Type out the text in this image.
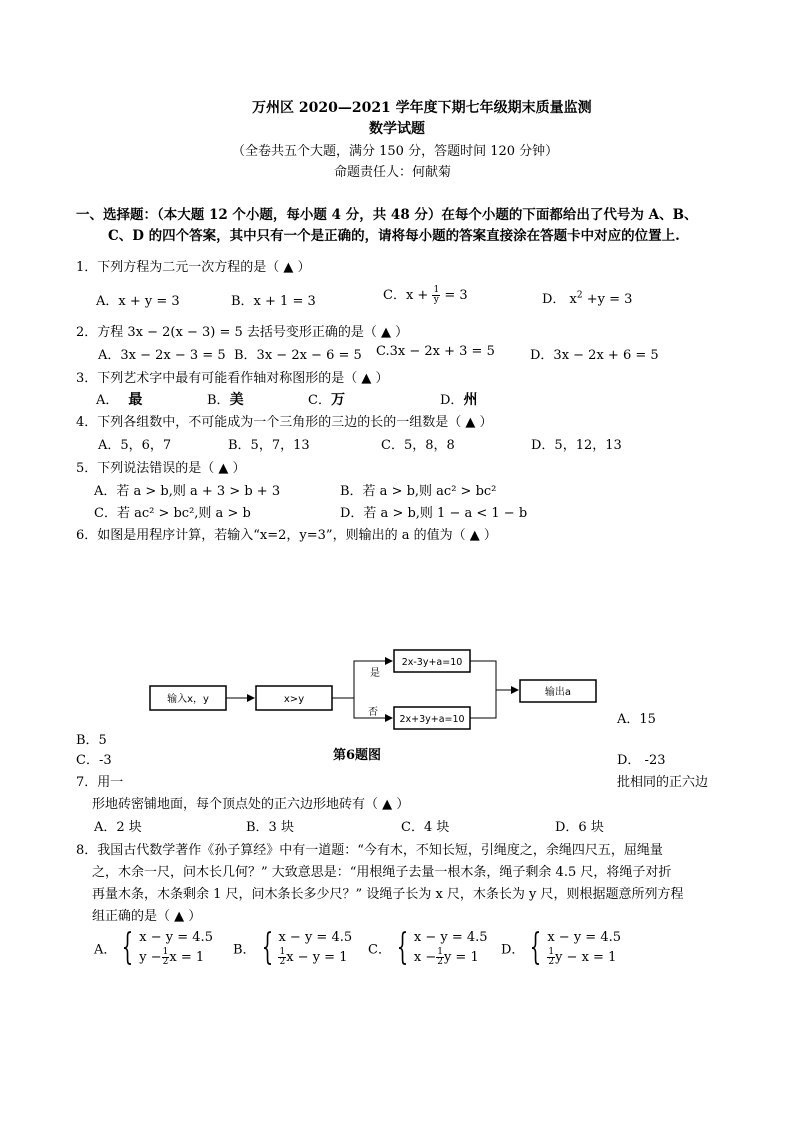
万州区 2020—2021 学年度下期七年级期末质量监测
数学试题
（全卷共五个大题，满分 150 分，答题时间 120 分钟）
命题责任人：何献菊
一、选择题：（本大题 12 个小题，每小题 4 分，共 48 分）在每个小题的下面都给出了代号为 A、B、
C、D 的四个答案，其中只有一个是正确的，请将每小题的答案直接涂在答题卡中对应的位置上.
1．下列方程为二元一次方程的是（ ▲ ）
A．x + y = 3	B．x + 1 = 3	C．$x + \frac{1}{y} = 3$	D． $x^2 +y = 3$
2．方程 3x − 2(x − 3) = 5 去括号变形正确的是（ ▲ ）
A．3x − 2x − 3 = 5 B．3x − 2x − 6 = 5 C.3x − 2x + 3 = 5	D．3x − 2x + 6 = 5
3．下列艺术字中最有可能看作轴对称图形的是（ ▲ ）
A． 最	B．美	C．万	D．州
4．下列各组数中，不可能成为一个三角形的三边的长的一组数是（ ▲ ）
A．5，6，7	B．5，7，13	C．5，8，8	D．5，12，13
5．下列说法错误的是（ ▲ ）
A．若 a > b,则 a + 3 > b + 3	B．若 a > b,则 ac² > bc²
C．若 ac² > bc²,则 a > b	D．若 a > b,则 1 − a < 1 − b
6．如图是用程序计算，若输入“x=2，y=3”，则输出的 a 的值为（ ▲ ）
输入x，y	x>y
是
否
2x-3y+a=10
2x+3y+a=10
输出a
A．15
B．5
第6题图
C．-3	D． -23
7．用一	批相同的正六边
形地砖密铺地面，每个顶点处的正六边形地砖有（ ▲ ）
A．2 块	B．3 块	C．4 块	D．6 块
8．我国古代数学著作《孙子算经》中有一道题：“今有木，不知长短，引绳度之，余绳四尺五，屈绳量
之，木余一尺，问木长几何？” 大致意思是：“用根绳子去量一根木条，绳子剩余 4.5 尺，将绳子对折
再量木条，木条剩余 1 尺，问木条长多少尺？” 设绳子长为 x 尺，木条长为 y 尺，则根据题意所列方程
组正确的是（ ▲ ）
A． { x − y = 4.5
$y - \frac{1}{2}$ x = 1	B． { x − y = 4.5
$\frac{1}{2}$ x − y = 1	C． { x − y = 4.5
$x - \frac{1}{2}$ y = 1	D． { x − y = 4.5
$\frac{1}{2}$ y − x = 1
